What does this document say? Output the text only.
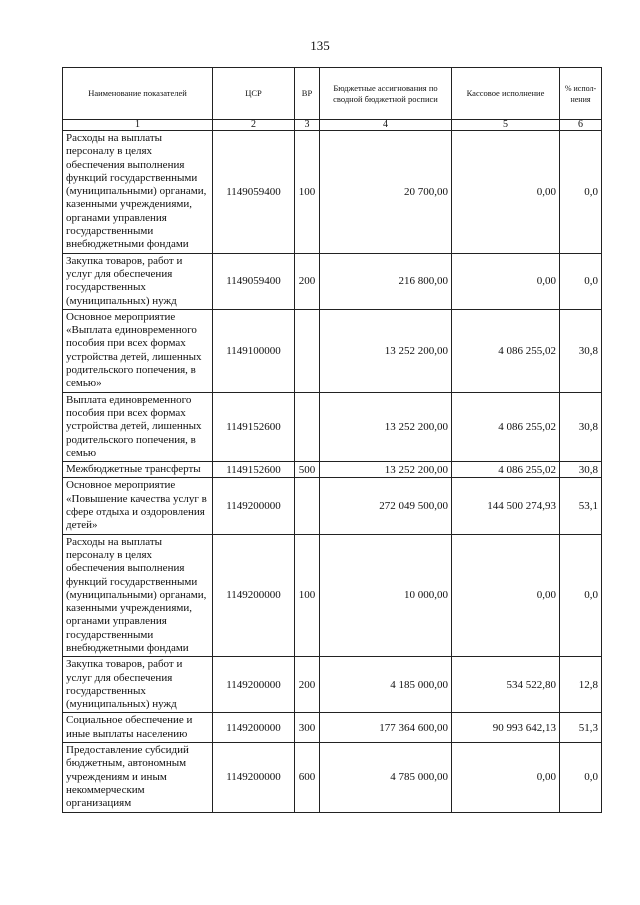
135
Наименование показателей	ЦСР	ВР	Бюджетные ассигнования по сводной бюджетной росписи	Кассовое исполнение	% испол-нения
1	2	3	4	5	6
Расходы на выплаты персоналу в целях обеспечения выполнения функций государственными (муниципальными) органами, казенными учреждениями, органами управления государственными внебюджетными фондами	1149059400	100	20 700,00	0,00	0,0
Закупка товаров, работ и услуг для обеспечения государственных (муниципальных) нужд	1149059400	200	216 800,00	0,00	0,0
Основное мероприятие «Выплата единовременного пособия при всех формах устройства детей, лишенных родительского попечения, в семью»	1149100000		13 252 200,00	4 086 255,02	30,8
Выплата единовременного пособия при всех формах устройства детей, лишенных родительского попечения, в семью	1149152600		13 252 200,00	4 086 255,02	30,8
Межбюджетные трансферты	1149152600	500	13 252 200,00	4 086 255,02	30,8
Основное мероприятие «Повышение качества услуг в сфере отдыха и оздоровления детей»	1149200000		272 049 500,00	144 500 274,93	53,1
Расходы на выплаты персоналу в целях обеспечения выполнения функций государственными (муниципальными) органами, казенными учреждениями, органами управления государственными внебюджетными фондами	1149200000	100	10 000,00	0,00	0,0
Закупка товаров, работ и услуг для обеспечения государственных (муниципальных) нужд	1149200000	200	4 185 000,00	534 522,80	12,8
Социальное обеспечение и иные выплаты населению	1149200000	300	177 364 600,00	90 993 642,13	51,3
Предоставление субсидий бюджетным, автономным учреждениям и иным некоммерческим организациям	1149200000	600	4 785 000,00	0,00	0,0
